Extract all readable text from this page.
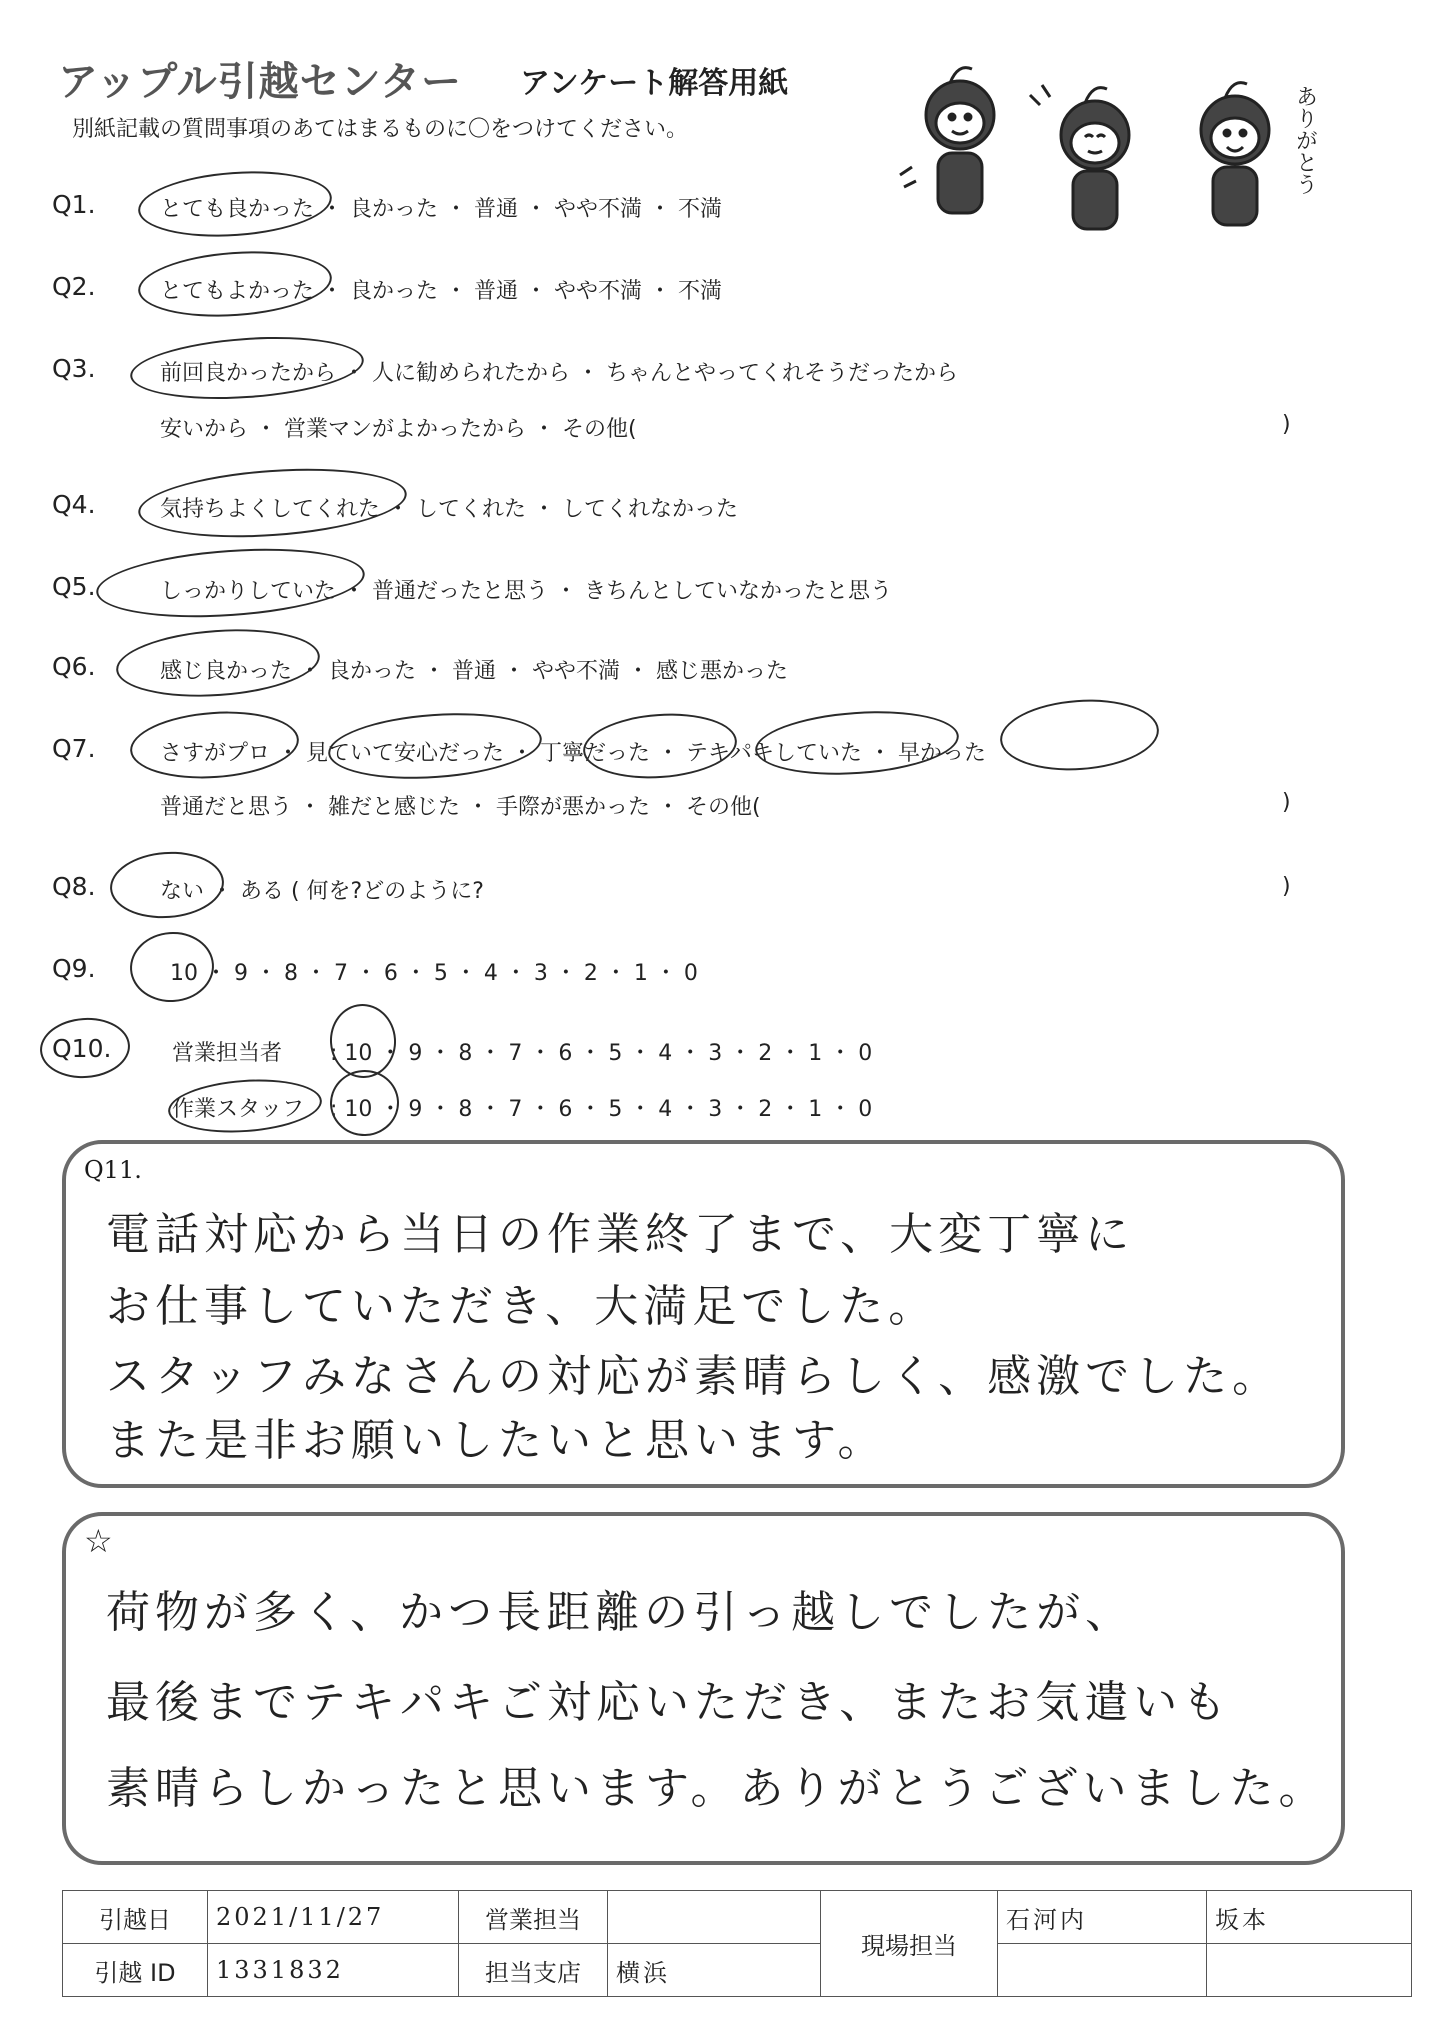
アップル引越センター アンケート解答用紙
別紙記載の質問事項のあてはまるものに〇をつけてください。	ありがとう
Q1.	とても良かった ・ 良かった ・ 普通 ・ やや不満 ・ 不満
Q2.	とてもよかった ・ 良かった ・ 普通 ・ やや不満 ・ 不満
Q3.	前回良かったから ・ 人に勧められたから ・ ちゃんとやってくれそうだったから
安いから ・ 営業マンがよかったから ・ その他(	)
Q4.	気持ちよくしてくれた ・ してくれた ・ してくれなかった
Q5.	しっかりしていた ・ 普通だったと思う ・ きちんとしていなかったと思う
Q6.	感じ良かった ・ 良かった ・ 普通 ・ やや不満 ・ 感じ悪かった
Q7.	さすがプロ ・ 見ていて安心だった ・ 丁寧だった ・ テキパキしていた ・ 早かった
普通だと思う ・ 雑だと感じた ・ 手際が悪かった ・ その他(	)
Q8.	ない ・ ある ( 何を?どのように?	)
Q9.	10 ・ 9 ・ 8 ・ 7 ・ 6 ・ 5 ・ 4 ・ 3 ・ 2 ・ 1 ・ 0
Q10.	営業担当者 : 10 ・ 9 ・ 8 ・ 7 ・ 6 ・ 5 ・ 4 ・ 3 ・ 2 ・ 1 ・ 0
作業スタッフ : 10 ・ 9 ・ 8 ・ 7 ・ 6 ・ 5 ・ 4 ・ 3 ・ 2 ・ 1 ・ 0
Q11.
電話対応から当日の作業終了まで、大変丁寧に
お仕事していただき、大満足でした。
スタッフみなさんの対応が素晴らしく、感激でした。
また是非お願いしたいと思います。
☆
荷物が多く、かつ長距離の引っ越しでしたが、
最後までテキパキご対応いただき、またお気遣いも
素晴らしかったと思います。ありがとうございました。
引越日	2021/11/27	営業担当		現場担当	石河内	坂本
引越 ID	1331832	担当支店	横浜			
